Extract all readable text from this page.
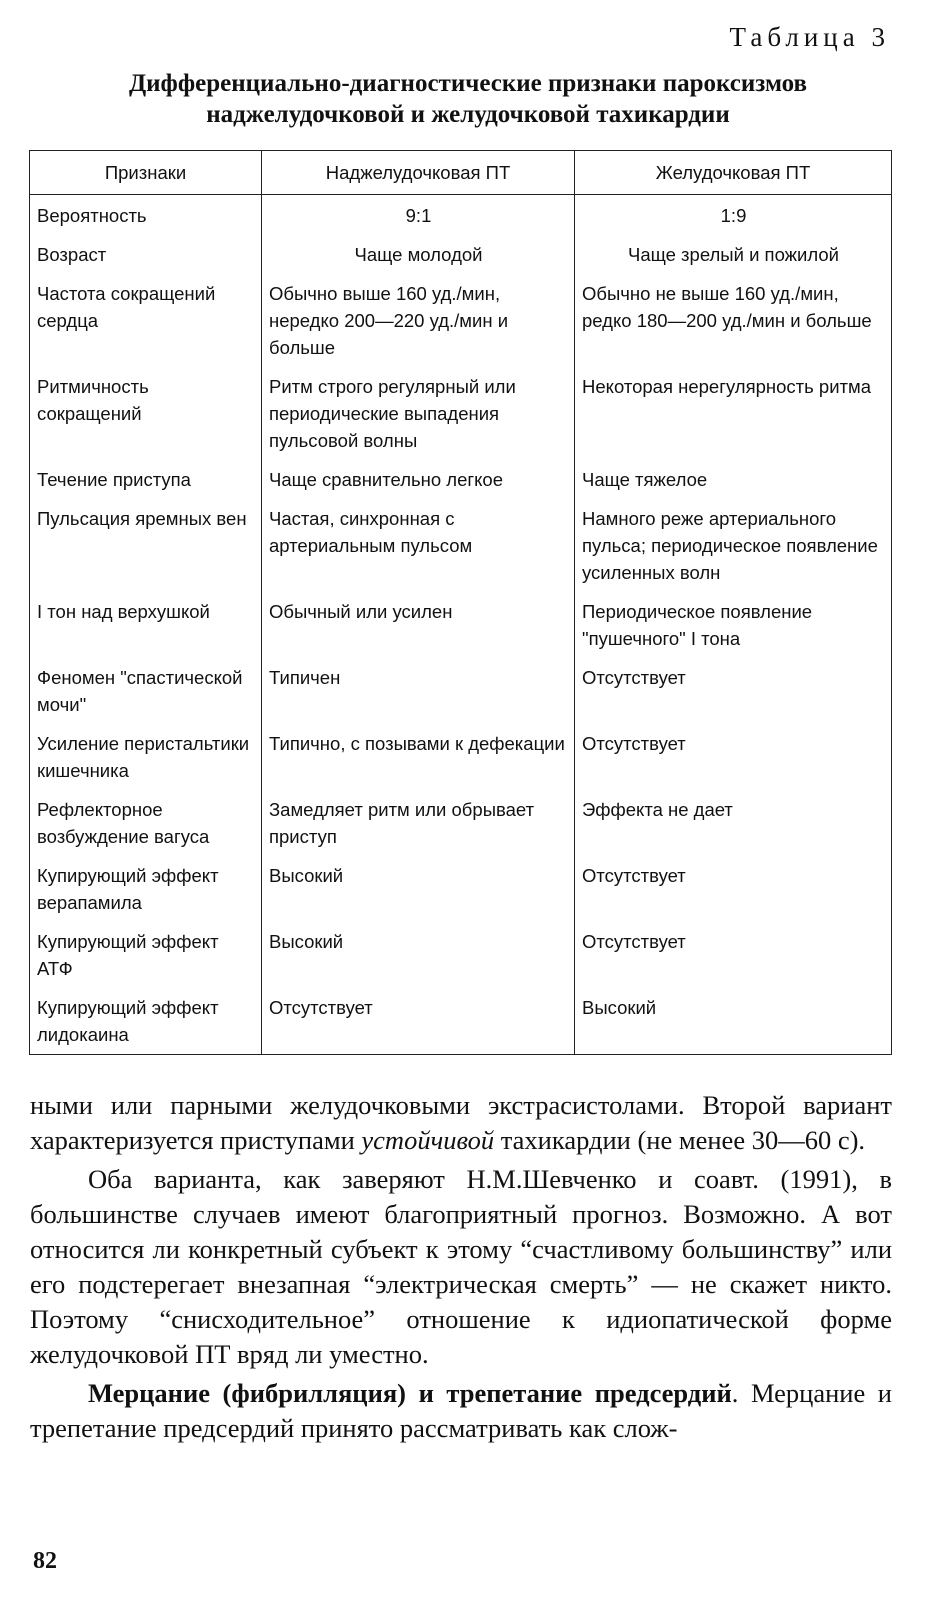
Таблица 3
Дифференциально-диагностические признаки пароксизмов
наджелудочковой и желудочковой тахикардии
Признаки	Наджелудочковая ПТ	Желудочковая ПТ
Вероятность	9:1	1:9
Возраст	Чаще молодой	Чаще зрелый и пожилой
Частота сокращений сердца	Обычно выше 160 уд./мин, нередко 200—220 уд./мин и больше	Обычно не выше 160 уд./мин, редко 180—200 уд./мин и больше
Ритмичность сокращений	Ритм строго регулярный или периодические выпадения пульсовой волны	Некоторая нерегулярность ритма
Течение приступа	Чаще сравнительно легкое	Чаще тяжелое
Пульсация яремных вен	Частая, синхронная с артериальным пульсом	Намного реже артериального пульса; периодическое появление усиленных волн
I тон над верхушкой	Обычный или усилен	Периодическое появление "пушечного" I тона
Феномен "спастической мочи"	Типичен	Отсутствует
Усиление перистальтики кишечника	Типично, с позывами к дефекации	Отсутствует
Рефлекторное возбуждение вагуса	Замедляет ритм или обрывает приступ	Эффекта не дает
Купирующий эффект верапамила	Высокий	Отсутствует
Купирующий эффект АТФ	Высокий	Отсутствует
Купирующий эффект лидокаина	Отсутствует	Высокий

ными или парными желудочковыми экстрасистолами. Второй вариант характеризуется приступами устойчивой тахикардии (не менее 30—60 с).

Оба варианта, как заверяют Н.М.Шевченко и соавт. (1991), в большинстве случаев имеют благоприятный прогноз. Возможно. А вот относится ли конкретный субъект к этому “счастливому большинству” или его подстерегает внезапная “электрическая смерть” — не скажет никто. Поэтому “снисходительное” отношение к идиопатической форме желудочковой ПТ вряд ли уместно.

Мерцание (фибрилляция) и трепетание предсердий. Мерцание и трепетание предсердий принято рассматривать как слож-

82
